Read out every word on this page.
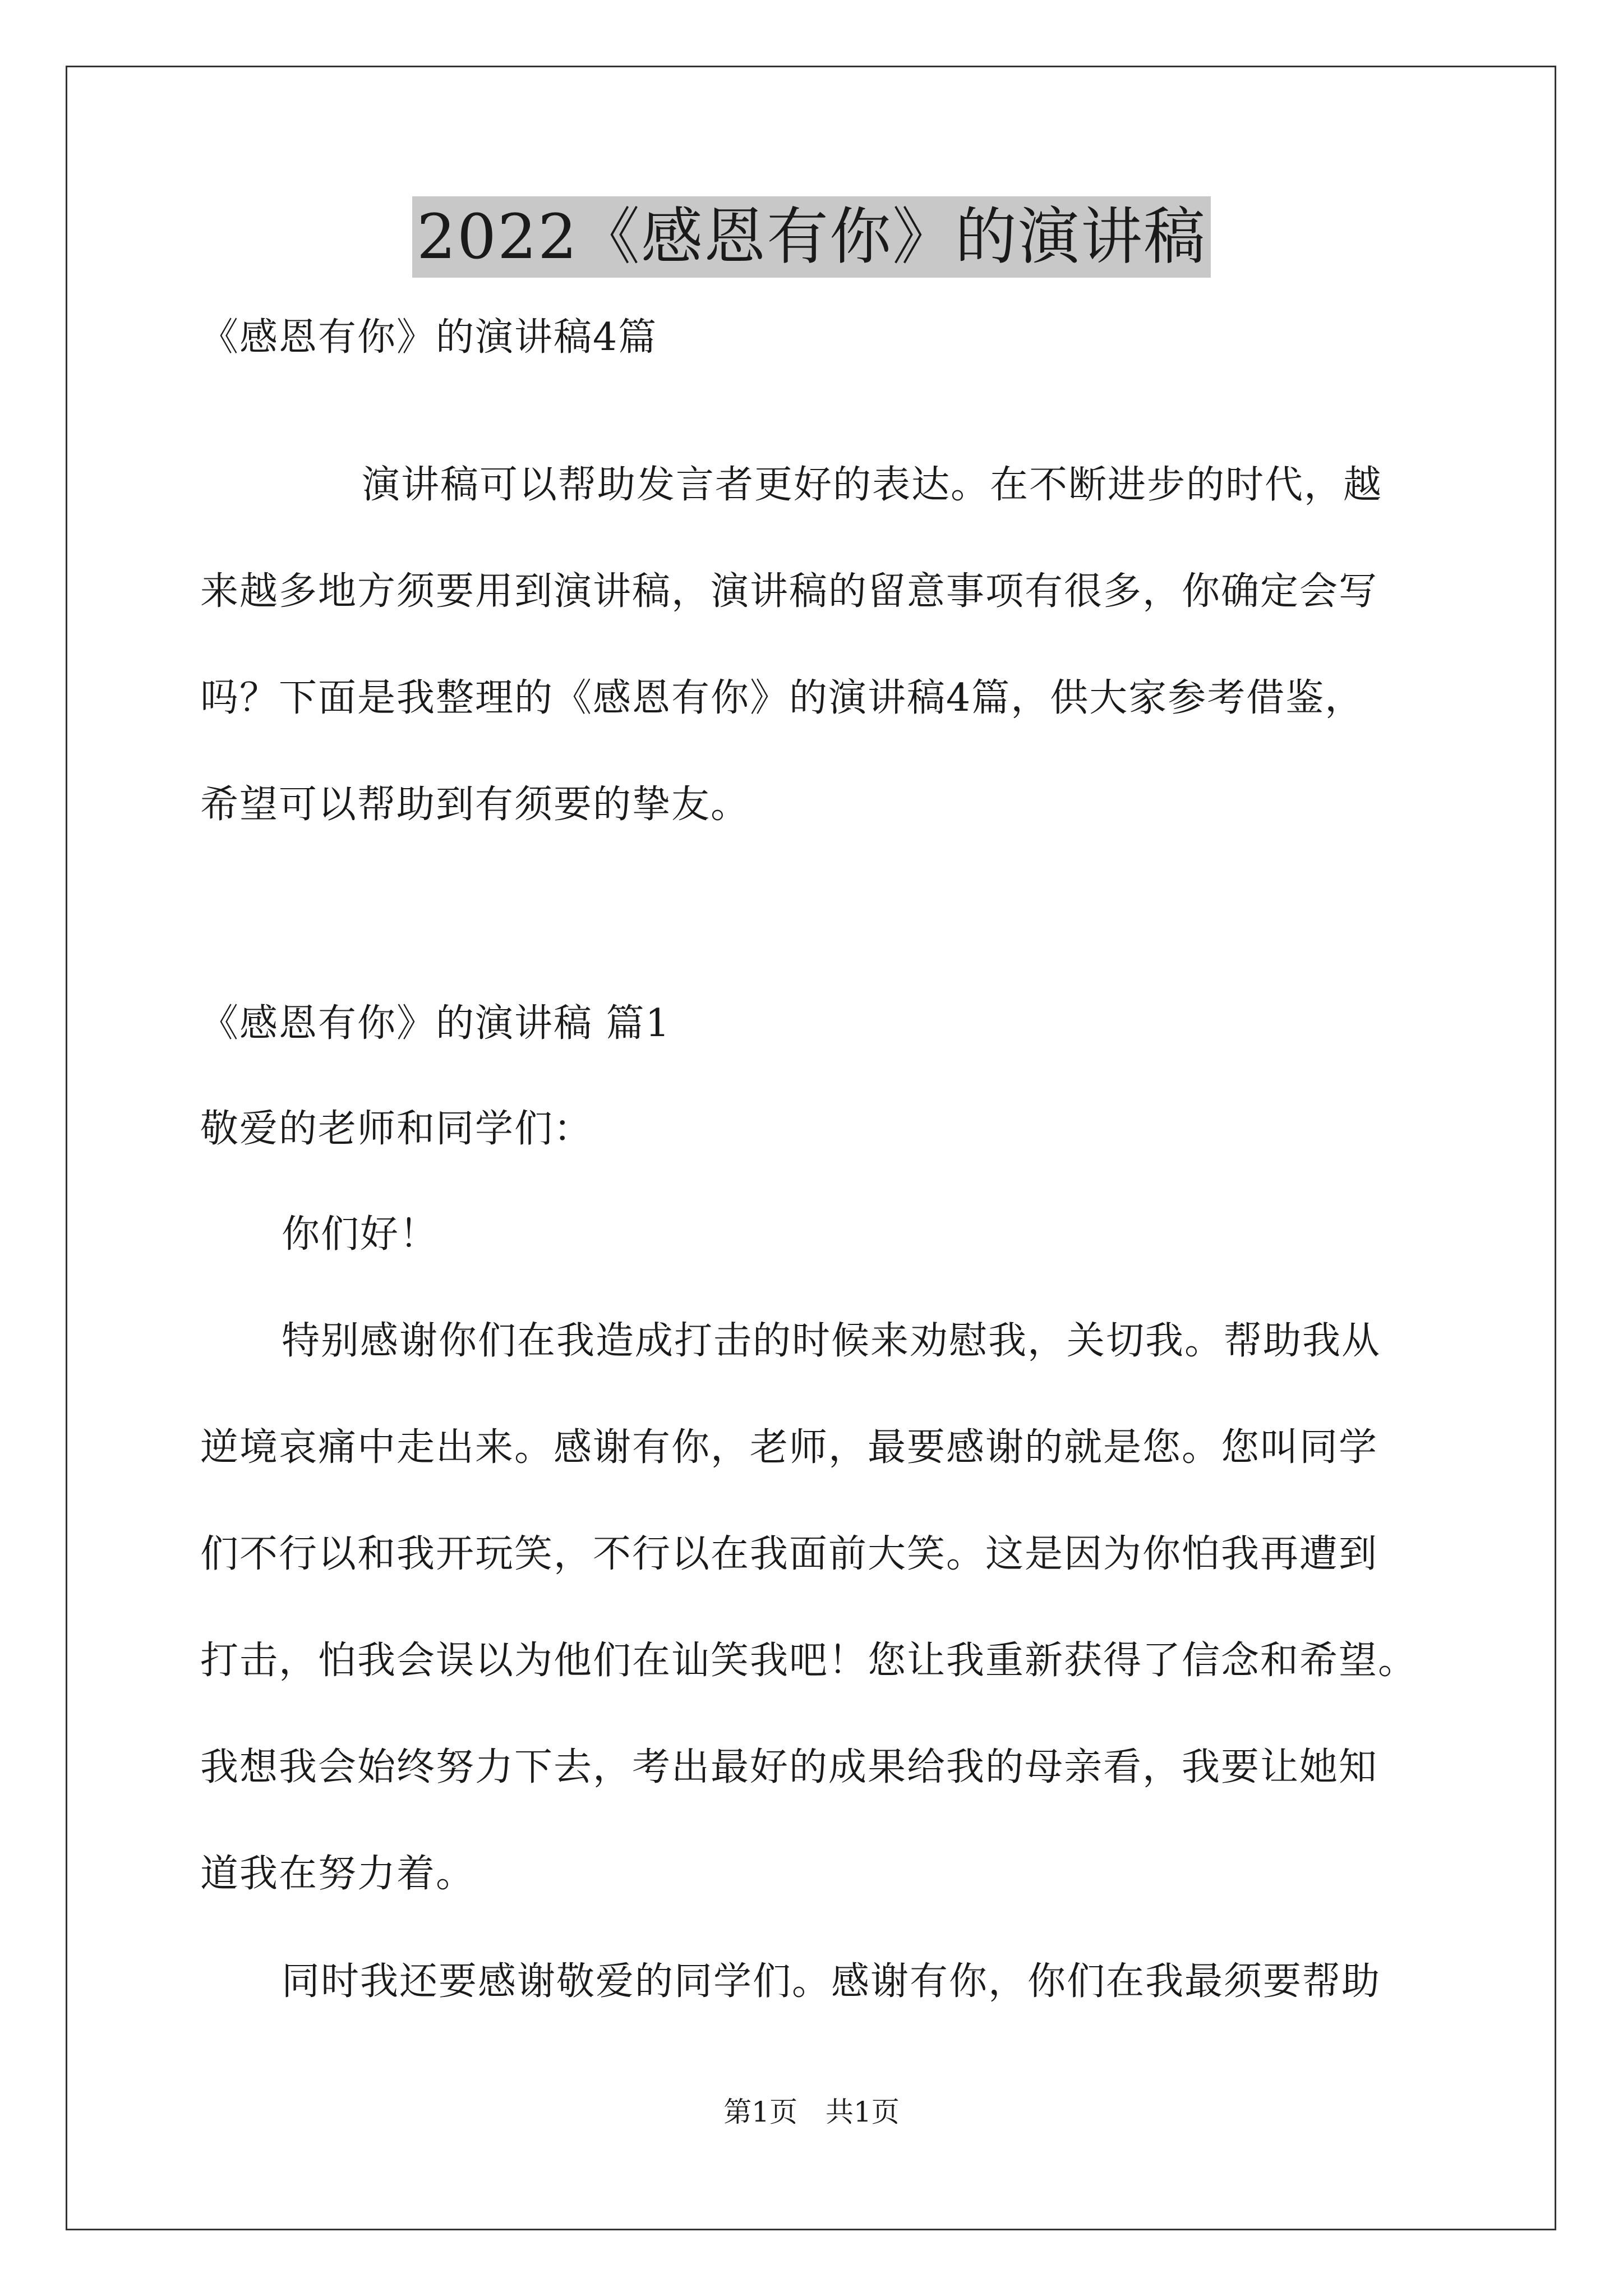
2022《感恩有你》的演讲稿
《感恩有你》的演讲稿4篇
演讲稿可以帮助发言者更好的表达。在不断进步的时代，越
来越多地方须要用到演讲稿，演讲稿的留意事项有很多，你确定会写
吗？下面是我整理的《感恩有你》的演讲稿4篇，供大家参考借鉴，
希望可以帮助到有须要的挚友。
《感恩有你》的演讲稿 篇1
敬爱的老师和同学们：
你们好！
特别感谢你们在我造成打击的时候来劝慰我，关切我。帮助我从
逆境哀痛中走出来。感谢有你，老师，最要感谢的就是您。您叫同学
们不行以和我开玩笑，不行以在我面前大笑。这是因为你怕我再遭到
打击，怕我会误以为他们在讪笑我吧！您让我重新获得了信念和希望。
我想我会始终努力下去，考出最好的成果给我的母亲看，我要让她知
道我在努力着。
同时我还要感谢敬爱的同学们。感谢有你，你们在我最须要帮助
第1页　共1页
